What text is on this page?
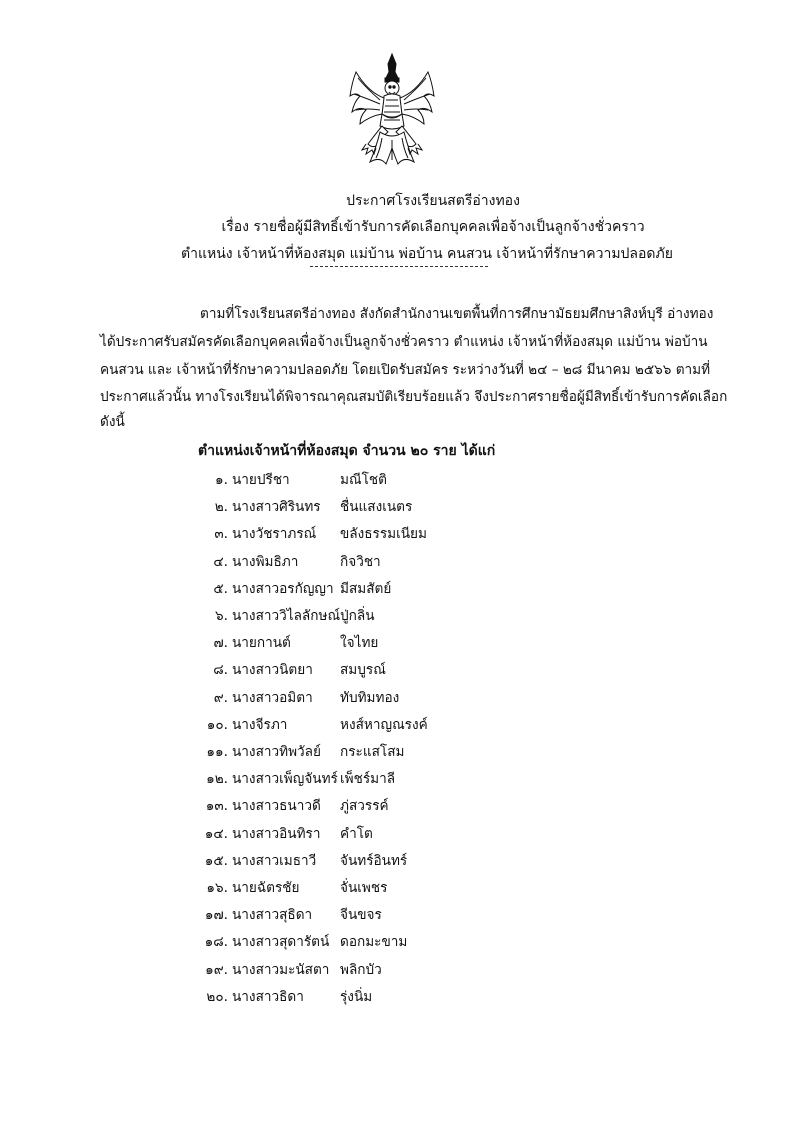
ประกาศโรงเรียนสตรีอ่างทอง
เรื่อง รายชื่อผู้มีสิทธิ์เข้ารับการคัดเลือกบุคคลเพื่อจ้างเป็นลูกจ้างชั่วคราว
ตำแหน่ง เจ้าหน้าที่ห้องสมุด แม่บ้าน พ่อบ้าน คนสวน เจ้าหน้าที่รักษาความปลอดภัย
ตามที่โรงเรียนสตรีอ่างทอง สังกัดสำนักงานเขตพื้นที่การศึกษามัธยมศึกษาสิงห์บุรี อ่างทอง
ได้ประกาศรับสมัครคัดเลือกบุคคลเพื่อจ้างเป็นลูกจ้างชั่วคราว ตำแหน่ง เจ้าหน้าที่ห้องสมุด แม่บ้าน พ่อบ้าน
คนสวน และ เจ้าหน้าที่รักษาความปลอดภัย โดยเปิดรับสมัคร ระหว่างวันที่ ๒๔ – ๒๘ มีนาคม ๒๕๖๖ ตามที่
ประกาศแล้วนั้น ทางโรงเรียนได้พิจารณาคุณสมบัติเรียบร้อยแล้ว จึงประกาศรายชื่อผู้มีสิทธิ์เข้ารับการคัดเลือก
ดังนี้
ตำแหน่งเจ้าหน้าที่ห้องสมุด จำนวน ๒๐ ราย ได้แก่
๑. นายปรีชา	มณีโชติ
๒. นางสาวศิรินทร ชื่นแสงเนตร
๓. นางวัชราภรณ์ ขลังธรรมเนียม
๔. นางพิมธิภา	กิจวิชา
๕. นางสาวอรกัญญา มีสมสัตย์
๖. นางสาววิไลลักษณ์ ปู่กลิ่น
๗. นายกานต์	ใจไทย
๘. นางสาวนิตยา สมบูรณ์
๙. นางสาวอมิตา ทับทิมทอง
๑๐. นางจีรภา	หงส์หาญณรงค์
๑๑. นางสาวทิพวัลย์ กระแสโสม
๑๒. นางสาวเพ็ญจันทร์ เพ็ชร์มาลี
๑๓. นางสาวธนาวดี ภู่สวรรค์
๑๔. นางสาวอินทิรา คำโต
๑๕. นางสาวเมธาวี จันทร์อินทร์
๑๖. นายฉัตรชัย	จั่นเพชร
๑๗. นางสาวสุธิดา จีนขจร
๑๘. นางสาวสุดารัตน์ ดอกมะขาม
๑๙. นางสาวมะนัสตา พลิกบัว
๒๐. นางสาวธิดา	รุ่งนิ่ม
